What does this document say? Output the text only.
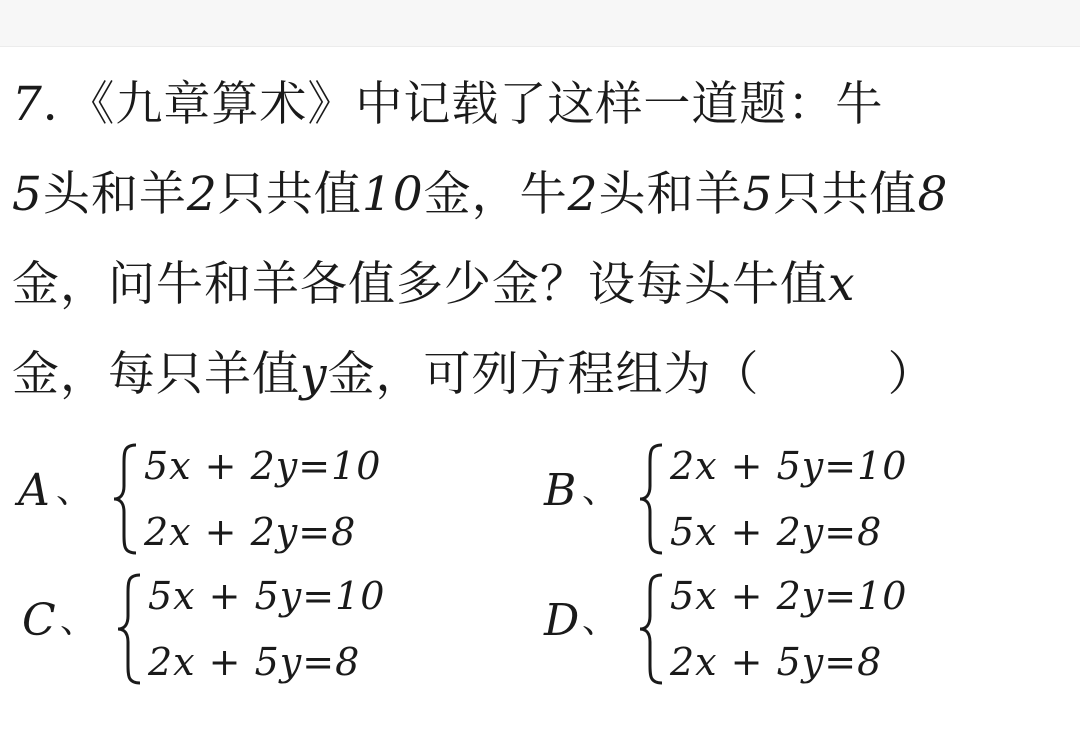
7．《九章算术》中记载了这样一道题：牛
5头和羊2只共值10金，牛2头和羊5只共值8
金，问牛和羊各值多少金？设每头牛值x
金，每只羊值y金，可列方程组为（	）
A 、
5x + 2y=10
2x + 2y=8
B 、
2x + 5y=10
5x + 2y=8
C 、
5x + 5y=10
2x + 5y=8
D 、
5x + 2y=10
2x + 5y=8
